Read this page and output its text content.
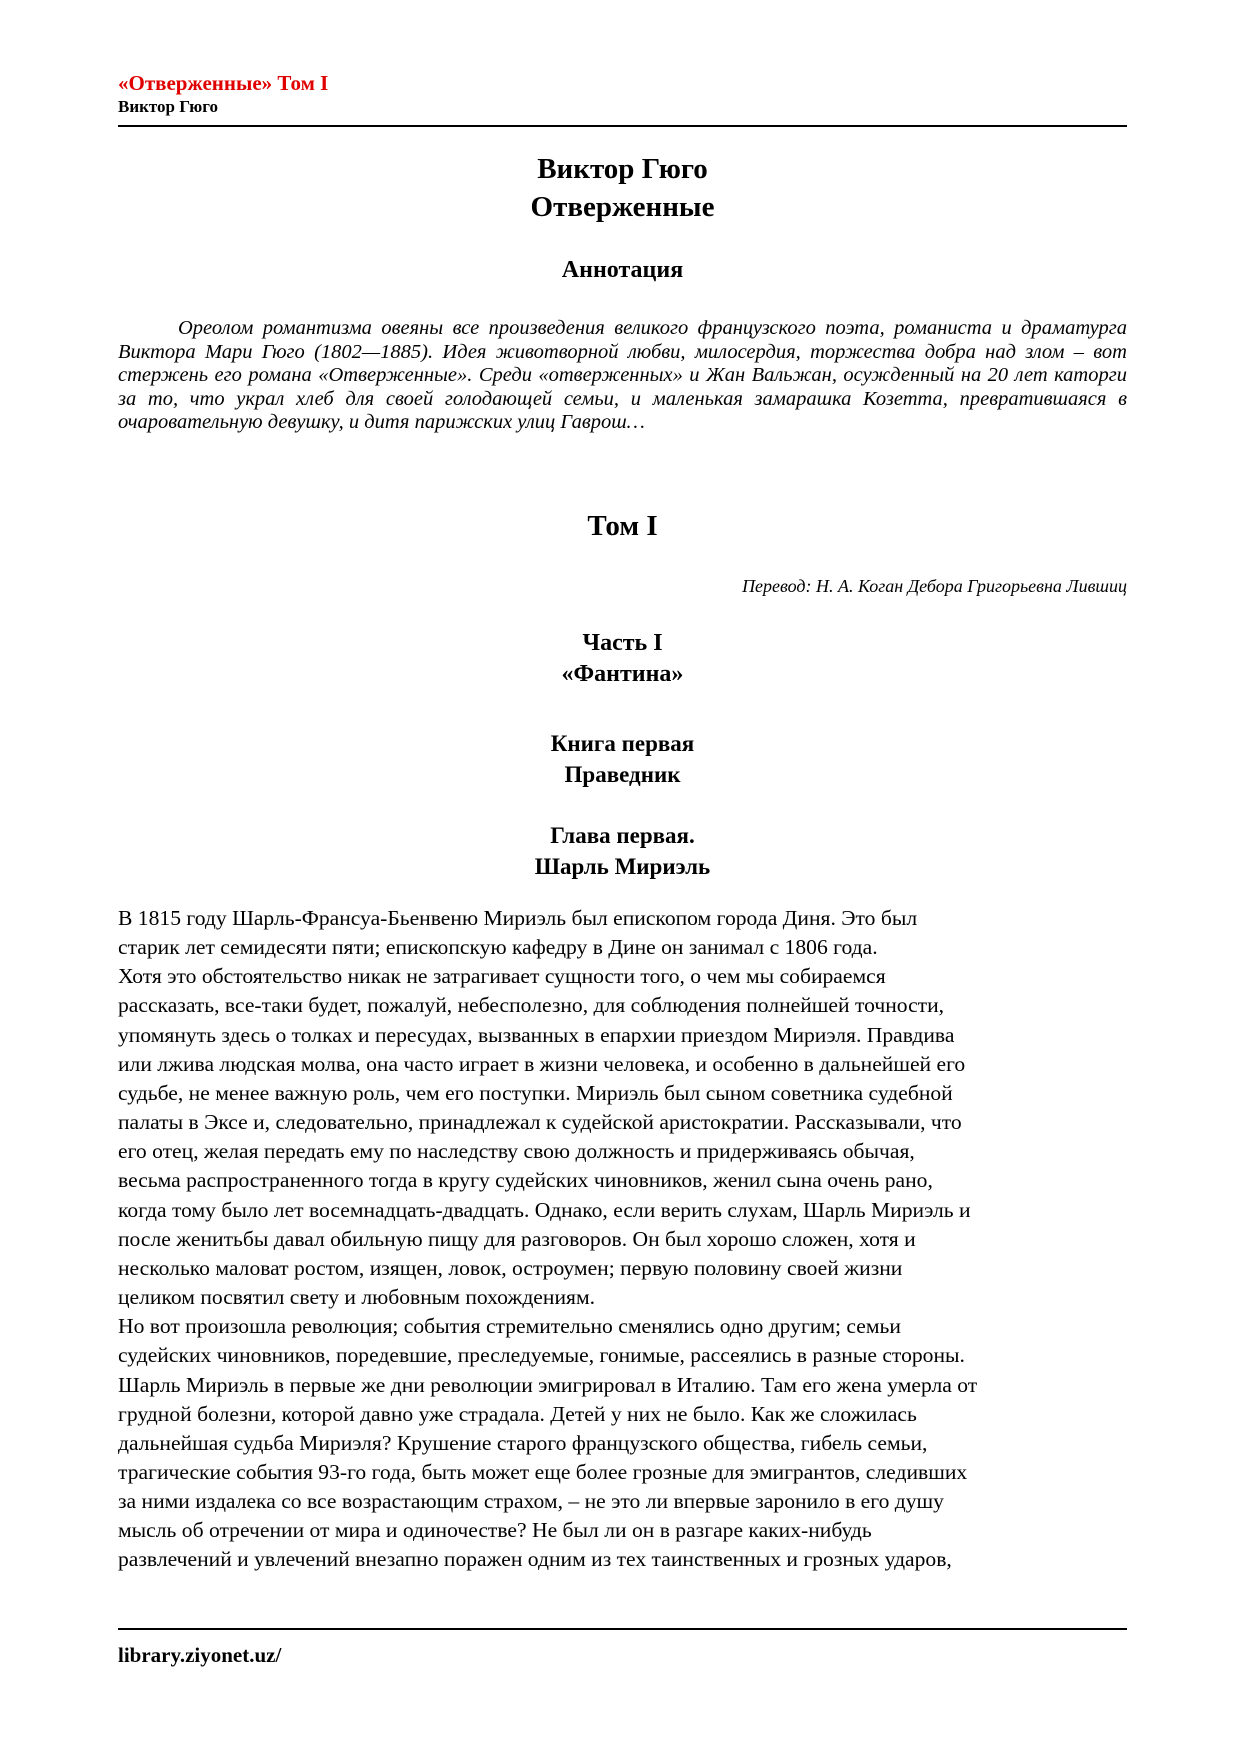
«Отверженные» Том I
Виктор Гюго
Виктор Гюго
Отверженные
Аннотация

Ореолом романтизма овеяны все произведения великого французского поэта, романиста и драматурга Виктора Мари Гюго (1802—1885). Идея животворной любви, милосердия, торжества добра над злом – вот стержень его романа «Отверженные». Среди «отверженных» и Жан Вальжан, осужденный на 20 лет каторги за то, что украл хлеб для своей голодающей семьи, и маленькая замарашка Козетта, превратившаяся в очаровательную девушку, и дитя парижских улиц Гаврош…

Том I
Перевод: Н. А. Коган Дебора Григорьевна Лившиц
Часть I
«Фантина»
Книга первая
Праведник
Глава первая.
Шарль Мириэль
В 1815 году Шарль-Франсуа-Бьенвеню Мириэль был епископом города Диня. Это был
старик лет семидесяти пяти; епископскую кафедру в Дине он занимал с 1806 года.
Хотя это обстоятельство никак не затрагивает сущности того, о чем мы собираемся
рассказать, все-таки будет, пожалуй, небесполезно, для соблюдения полнейшей точности,
упомянуть здесь о толках и пересудах, вызванных в епархии приездом Мириэля. Правдива
или лжива людская молва, она часто играет в жизни человека, и особенно в дальнейшей его
судьбе, не менее важную роль, чем его поступки. Мириэль был сыном советника судебной
палаты в Эксе и, следовательно, принадлежал к судейской аристократии. Рассказывали, что
его отец, желая передать ему по наследству свою должность и придерживаясь обычая,
весьма распространенного тогда в кругу судейских чиновников, женил сына очень рано,
когда тому было лет восемнадцать-двадцать. Однако, если верить слухам, Шарль Мириэль и
после женитьбы давал обильную пищу для разговоров. Он был хорошо сложен, хотя и
несколько маловат ростом, изящен, ловок, остроумен; первую половину своей жизни
целиком посвятил свету и любовным похождениям.
Но вот произошла революция; события стремительно сменялись одно другим; семьи
судейских чиновников, поредевшие, преследуемые, гонимые, рассеялись в разные стороны.
Шарль Мириэль в первые же дни революции эмигрировал в Италию. Там его жена умерла от
грудной болезни, которой давно уже страдала. Детей у них не было. Как же сложилась
дальнейшая судьба Мириэля? Крушение старого французского общества, гибель семьи,
трагические события 93-го года, быть может еще более грозные для эмигрантов, следивших
за ними издалека со все возрастающим страхом, – не это ли впервые заронило в его душу
мысль об отречении от мира и одиночестве? Не был ли он в разгаре каких-нибудь
развлечений и увлечений внезапно поражен одним из тех таинственных и грозных ударов,
library.ziyonet.uz/
